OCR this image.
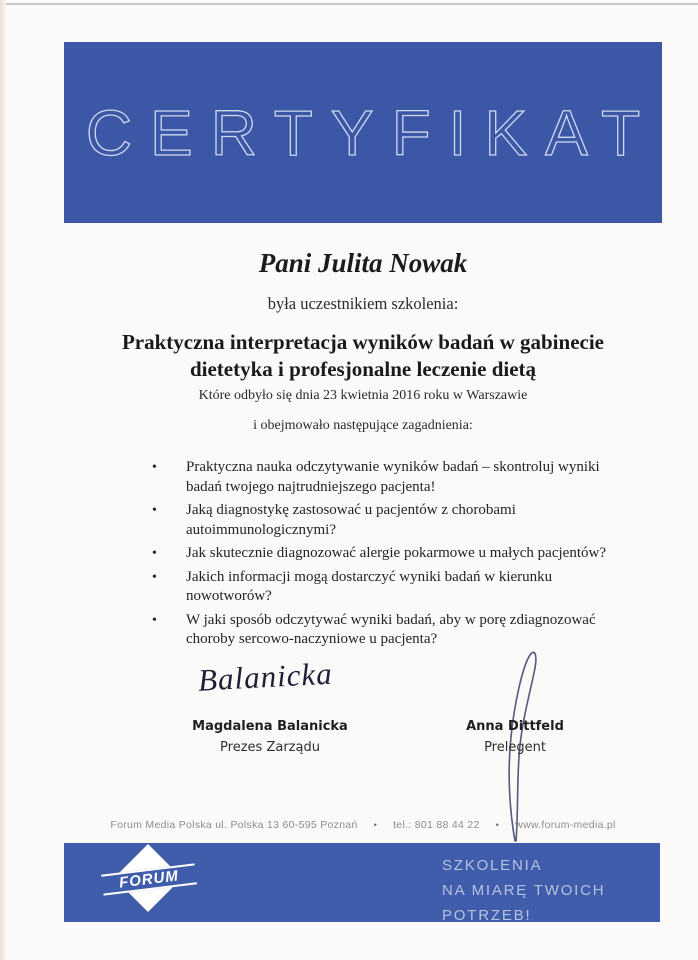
CERTYFIKAT
Pani Julita Nowak
była uczestnikiem szkolenia:
Praktyczna interpretacja wyników badań w gabinecie dietetyka i profesjonalne leczenie dietą
Które odbyło się dnia 23 kwietnia 2016 roku w Warszawie
i obejmowało następujące zagadnienia:
• Praktyczna nauka odczytywanie wyników badań – skontroluj wyniki badań twojego najtrudniejszego pacjenta!
• Jaką diagnostykę zastosować u pacjentów z chorobami autoimmunologicznymi?
• Jak skutecznie diagnozować alergie pokarmowe u małych pacjentów?
• Jakich informacji mogą dostarczyć wyniki badań w kierunku nowotworów?
• W jaki sposób odczytywać wyniki badań, aby w porę zdiagnozować choroby sercowo-naczyniowe u pacjenta?
Balanicka
Magdalena Balanicka
Prezes Zarządu
Anna Dittfeld
Prelegent
Forum Media Polska ul. Polska 13 60-595 Poznań • tel.: 801 88 44 22 • www.forum-media.pl
FORUM
SZKOLENIA
NA MIARĘ TWOICH
POTRZEB!
